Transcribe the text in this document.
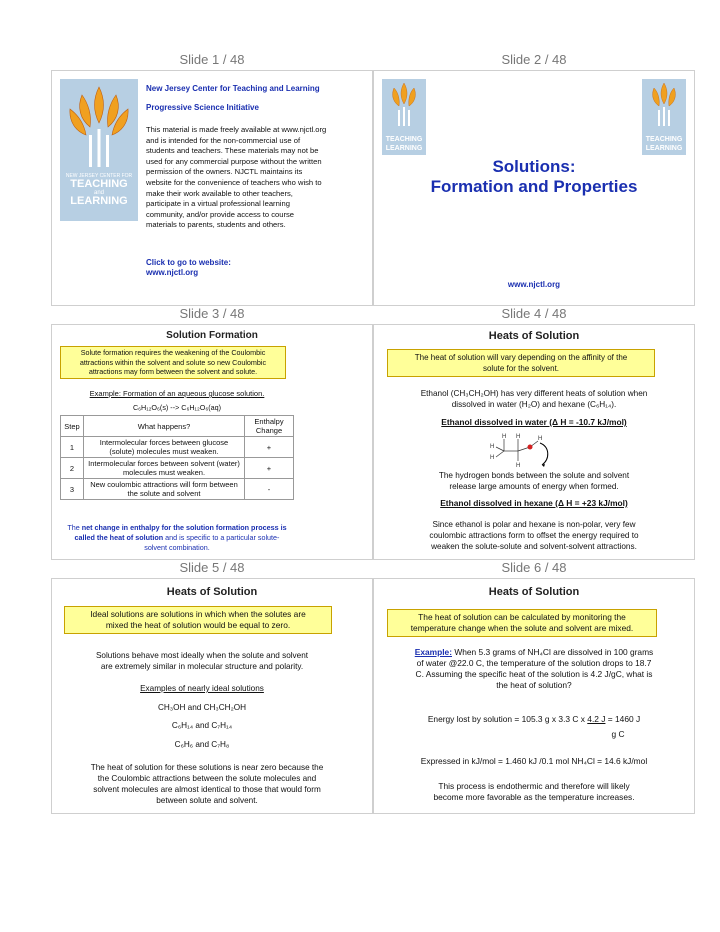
Slide 1 / 48	Slide 2 / 48
Slide 3 / 48	Slide 4 / 48
Slide 5 / 48	Slide 6 / 48
NEW JERSEY CENTER FOR
TEACHING
and
LEARNING
New Jersey Center for Teaching and Learning
Progressive Science Initiative
This material is made freely available at www.njctl.org
and is intended for the non-commercial use of
students and teachers. These materials may not be
used for any commercial purpose without the written
permission of the owners. NJCTL maintains its
website for the convenience of teachers who wish to
make their work available to other teachers,
participate in a virtual professional learning
community, and/or provide access to course
materials to parents, students and others.
Click to go to website:
www.njctl.org
TEACHING
LEARNING
TEACHING
LEARNING
Solutions:
Formation and Properties
www.njctl.org
Solution Formation
Solute formation requires the weakening of the Coulombic
attractions within the solvent and solute so new Coulombic
attractions may form between the solvent and solute.
Example: Formation of an aqueous glucose solution.
C₆H₁₂O₆(s) --> C₆H₁₂O₆(aq)
Step	What happens?	Enthalpy Change
1	Intermolecular forces between glucose (solute) molecules must weaken.	+
2	Intermolecular forces between solvent (water) molecules must weaken.	+
3	New coulombic attractions will form between the solute and solvent	-
The net change in enthalpy for the solution formation process is called the heat of solution and is specific to a particular solute-solvent combination.
Heats of Solution
The heat of solution will vary depending on the affinity of the
solute for the solvent.
Ethanol (CH₃CH₂OH) has very different heats of solution when
dissolved in water (H₂O) and hexane (C₆H₁₄).
Ethanol dissolved in water (Δ H = -10.7 kJ/mol)
H H
H
H
H
H
The hydrogen bonds between the solute and solvent
release large amounts of energy when formed.
Ethanol dissolved in hexane (Δ H = +23 kJ/mol)
Since ethanol is polar and hexane is non-polar, very few
coulombic attractions form to offset the energy required to
weaken the solute-solute and solvent-solvent attractions.
Heats of Solution
Ideal solutions are solutions in which when the solutes are
mixed the heat of solution would be equal to zero.
Solutions behave most ideally when the solute and solvent
are extremely similar in molecular structure and polarity.
Examples of nearly ideal solutions
CH₃OH and CH₃CH₂OH
C₆H₁₄ and C₇H₁₄
C₆H₆ and C₇H₈
The heat of solution for these solutions is near zero because the
the Coulombic attractions between the solute molecules and
solvent molecules are almost identical to those that would form
between solute and solvent.
Heats of Solution
The heat of solution can be calculated by monitoring the
temperature change when the solute and solvent are mixed.
Example: When 5.3 grams of NH₄Cl are dissolved in 100 grams
of water @22.0 C, the temperature of the solution drops to 18.7
C. Assuming the specific heat of the solution is 4.2 J/gC, what is
the heat of solution?
Energy lost by solution = 105.3 g x 3.3 C x 4.2 J = 1460 J
g C
Expressed in kJ/mol = 1.460 kJ /0.1 mol NH₄Cl = 14.6 kJ/mol
This process is endothermic and therefore will likely
become more favorable as the temperature increases.
